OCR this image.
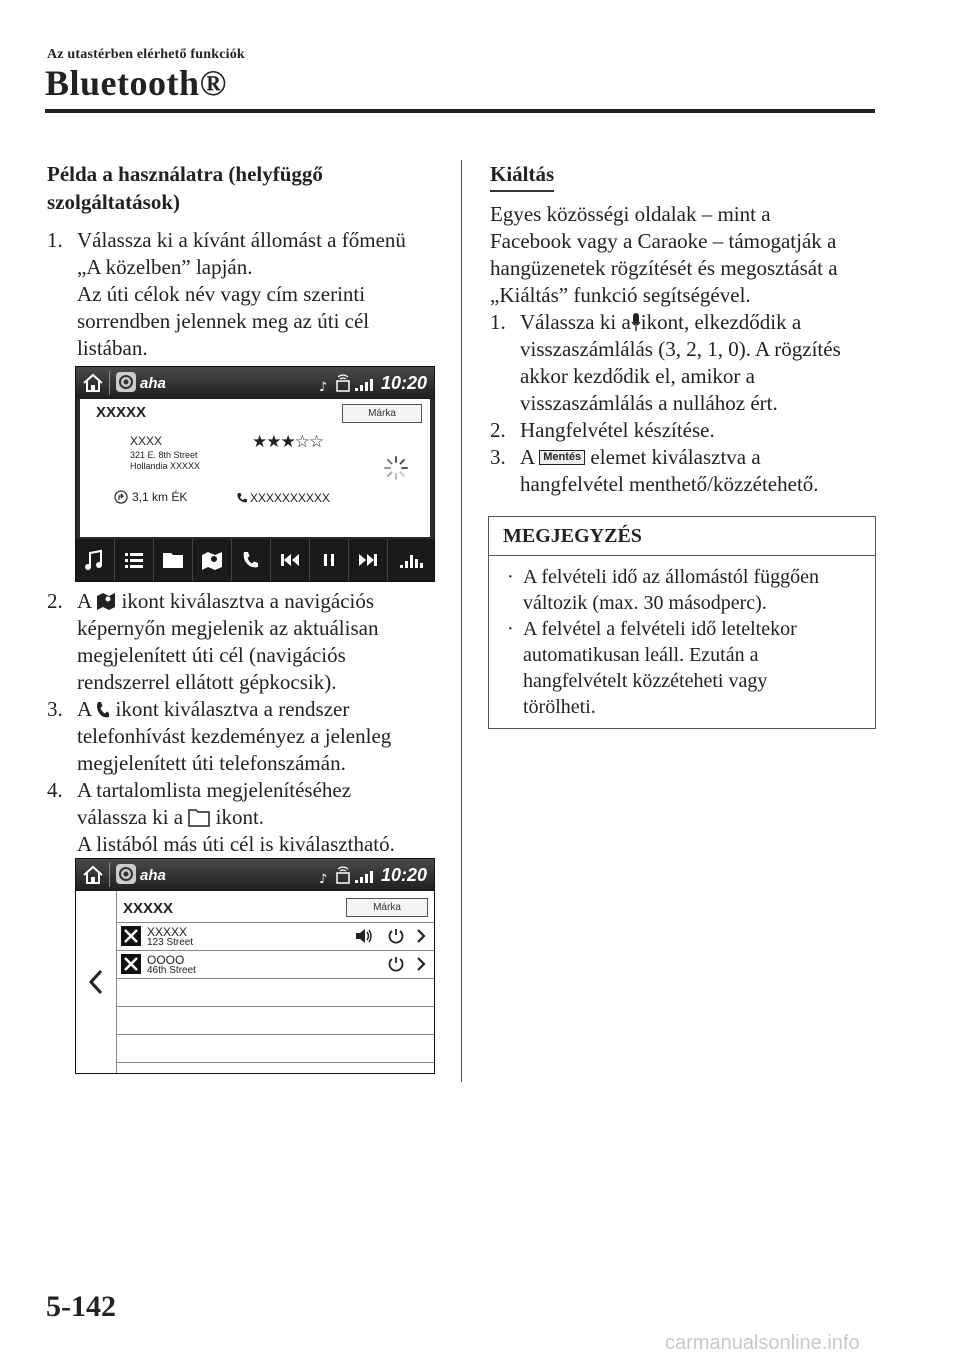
Az utastérben elérhető funkciók
Bluetooth®
Példa a használatra (helyfüggő
szolgáltatások)
1. Válassza ki a kívánt állomást a főmenü
„A közelben” lapján.
Az úti célok név vagy cím szerinti
sorrendben jelennek meg az úti cél
listában.
aha	♪	10:20
XXXXX	Márka
XXXX
321 E. 8th Street
Hollandia XXXXX
★★★☆☆
3,1 km ÉK	XXXXXXXXXX
2. A ikont kiválasztva a navigációs
képernyőn megjelenik az aktuálisan
megjelenített úti cél (navigációs
rendszerrel ellátott gépkocsik).
3. A ikont kiválasztva a rendszer
telefonhívást kezdeményez a jelenleg
megjelenített úti telefonszámán.
4. A tartalomlista megjelenítéséhez
válassza ki a ikont.
A listából más úti cél is kiválasztható.
aha	♪	10:20
XXXXX	Márka
XXXXX
123 Street
OOOO
46th Street
Kiáltás
Egyes közösségi oldalak – mint a
Facebook vagy a Caraoke – támogatják a
hangüzenetek rögzítését és megosztását a
„Kiáltás” funkció segítségével.
1. Válassza ki a ikont, elkezdődik a
visszaszámlálás (3, 2, 1, 0). A rögzítés
akkor kezdődik el, amikor a
visszaszámlálás a nullához ért.
2. Hangfelvétel készítése.
3. A Mentés elemet kiválasztva a
hangfelvétel menthető/közzétehető.
MEGJEGYZÉS
· A felvételi idő az állomástól függően
változik (max. 30 másodperc).
· A felvétel a felvételi idő leteltekor
automatikusan leáll. Ezután a
hangfelvételt közzéteheti vagy
törölheti.
5-142
carmanualsonline.info
